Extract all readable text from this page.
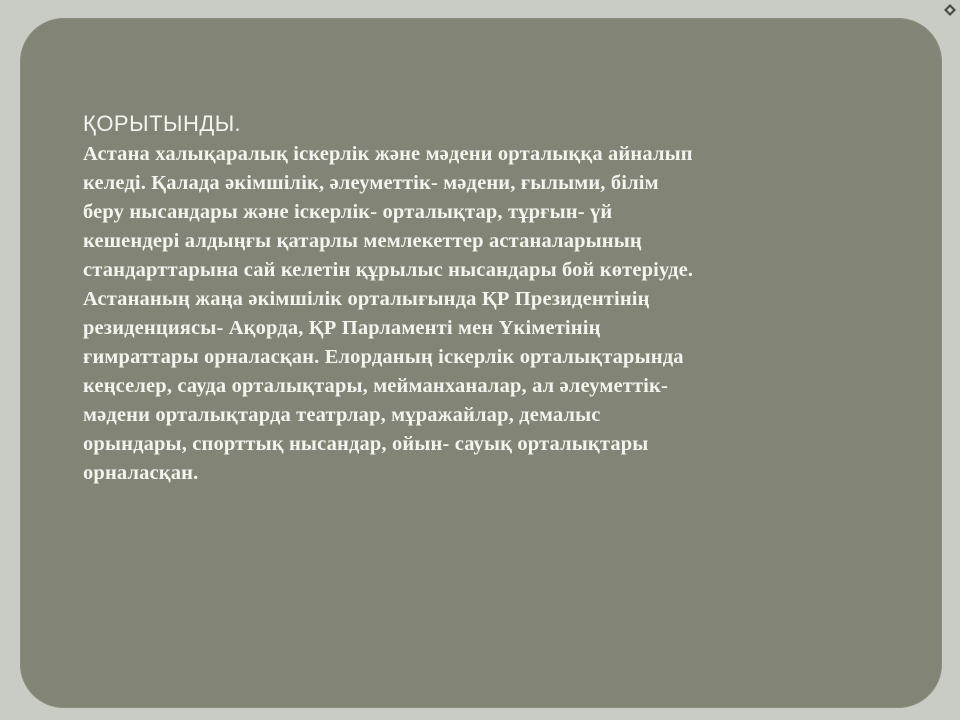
ҚОРЫТЫНДЫ.

Астана халықаралық іскерлік және мәдени орталыққа айналып
келеді. Қалада әкімшілік, әлеуметтік- мәдени, ғылыми, білім
беру нысандары және іскерлік- орталықтар, тұрғын- үй
кешендері алдыңғы қатарлы мемлекеттер астаналарының
стандарттарына сай келетін құрылыс нысандары бой көтеріуде.
Астананың жаңа әкімшілік орталығында ҚР Президентінің
резиденциясы- Ақорда, ҚР Парламенті мен Үкіметінің
ғимраттары орналасқан. Елорданың іскерлік орталықтарында
кеңселер, сауда орталықтары, мейманханалар, ал әлеуметтік-
мәдени орталықтарда театрлар, мұражайлар, демалыс
орындары, спорттық нысандар, ойын- сауық орталықтары
орналасқан.
